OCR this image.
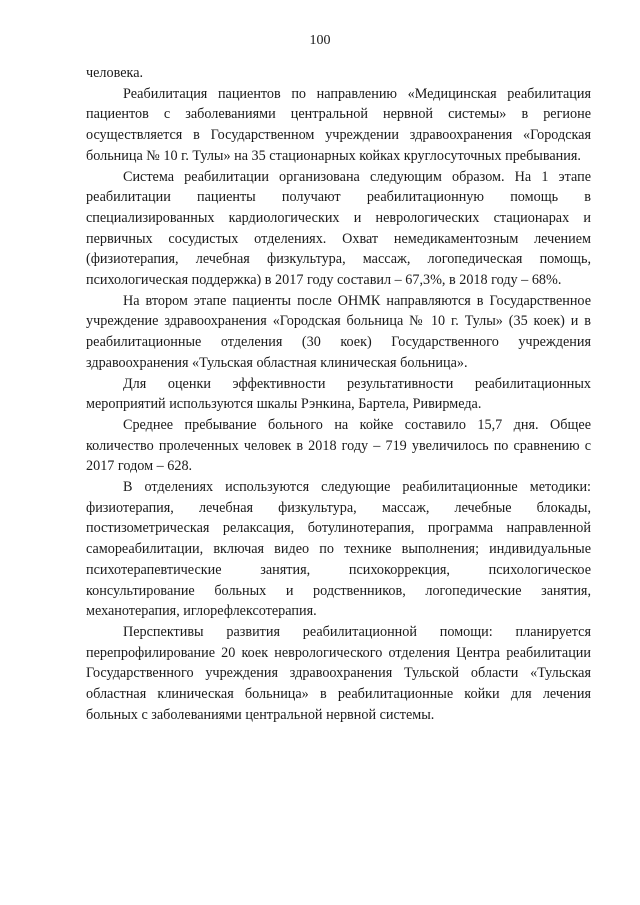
100

человека.

Реабилитация пациентов по направлению «Медицинская реабилитация пациентов с заболеваниями центральной нервной системы» в регионе осуществляется в Государственном учреждении здравоохранения «Городская больница № 10 г. Тулы» на 35 стационарных койках круглосуточных пребывания.

Система реабилитации организована следующим образом. На 1 этапе реабилитации пациенты получают реабилитационную помощь в специализированных кардиологических и неврологических стационарах и первичных сосудистых отделениях. Охват немедикаментозным лечением (физиотерапия, лечебная физкультура, массаж, логопедическая помощь, психологическая поддержка) в 2017 году составил – 67,3%, в 2018 году – 68%.

На втором этапе пациенты после ОНМК направляются в Государственное учреждение здравоохранения «Городская больница № 10 г. Тулы» (35 коек) и в реабилитационные отделения (30 коек) Государственного учреждения здравоохранения «Тульская областная клиническая больница».

Для оценки эффективности результативности реабилитационных мероприятий используются шкалы Рэнкина, Бартела, Ривирмеда.

Среднее пребывание больного на койке составило 15,7 дня. Общее количество пролеченных человек в 2018 году – 719 увеличилось по сравнению с 2017 годом – 628.

В отделениях используются следующие реабилитационные методики: физиотерапия, лечебная физкультура, массаж, лечебные блокады, постизометрическая релаксация, ботулинотерапия, программа направленной самореабилитации, включая видео по технике выполнения; индивидуальные психотерапевтические занятия, психокоррекция, психологическое консультирование больных и родственников, логопедические занятия, механотерапия, иглорефлексотерапия.

Перспективы развития реабилитационной помощи: планируется перепрофилирование 20 коек неврологического отделения Центра реабилитации Государственного учреждения здравоохранения Тульской области «Тульская областная клиническая больница» в реабилитационные койки для лечения больных с заболеваниями центральной нервной системы.
